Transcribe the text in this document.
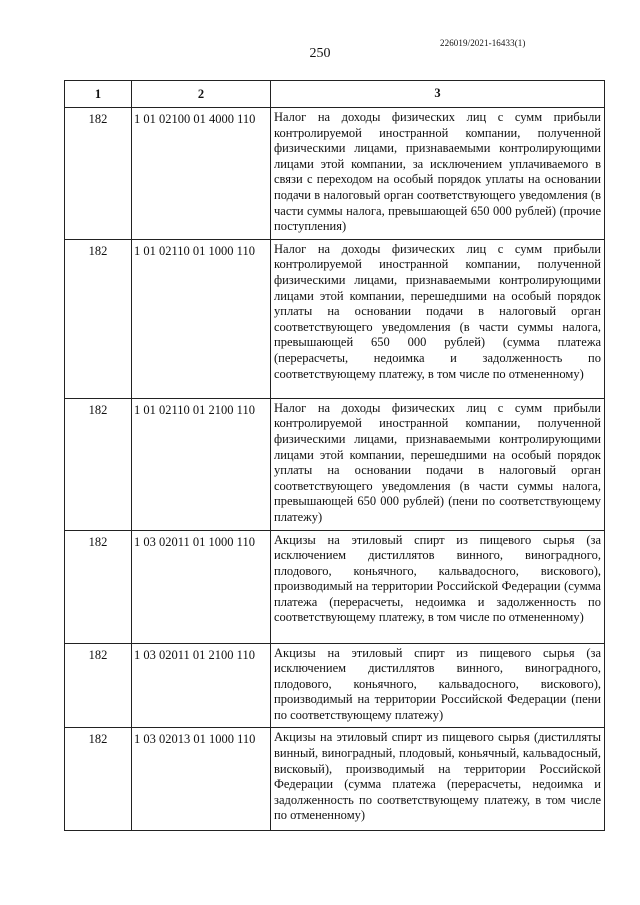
226019/2021-16433(1)
250
1	2	3
182	1 01 02100 01 4000 110	Налог на доходы физических лиц с сумм прибыли контролируемой иностранной компании, полученной физическими лицами, признаваемыми контролирующими лицами этой компании, за исключением уплачиваемого в связи с переходом на особый порядок уплаты на основании подачи в налоговый орган соответствующего уведомления (в части суммы налога, превышающей 650 000 рублей) (прочие поступления)
182	1 01 02110 01 1000 110	Налог на доходы физических лиц с сумм прибыли контролируемой иностранной компании, полученной физическими лицами, признаваемыми контролирующими лицами этой компании, перешедшими на особый порядок уплаты на основании подачи в налоговый орган соответствующего уведомления (в части суммы налога, превышающей 650 000 рублей) (сумма платежа (перерасчеты, недоимка и задолженность по соответствующему платежу, в том числе по отмененному)
182	1 01 02110 01 2100 110	Налог на доходы физических лиц с сумм прибыли контролируемой иностранной компании, полученной физическими лицами, признаваемыми контролирующими лицами этой компании, перешедшими на особый порядок уплаты на основании подачи в налоговый орган соответствующего уведомления (в части суммы налога, превышающей 650 000 рублей) (пени по соответствующему платежу)
182	1 03 02011 01 1000 110	Акцизы на этиловый спирт из пищевого сырья (за исключением дистиллятов винного, виноградного, плодового, коньячного, кальвадосного, вискового), производимый на территории Российской Федерации (сумма платежа (перерасчеты, недоимка и задолженность по соответствующему платежу, в том числе по отмененному)
182	1 03 02011 01 2100 110	Акцизы на этиловый спирт из пищевого сырья (за исключением дистиллятов винного, виноградного, плодового, коньячного, кальвадосного, вискового), производимый на территории Российской Федерации (пени по соответствующему платежу)
182	1 03 02013 01 1000 110	Акцизы на этиловый спирт из пищевого сырья (дистилляты винный, виноградный, плодовый, коньячный, кальвадосный, висковый), производимый на территории Российской Федерации (сумма платежа (перерасчеты, недоимка и задолженность по соответствующему платежу, в том числе по отмененному)
